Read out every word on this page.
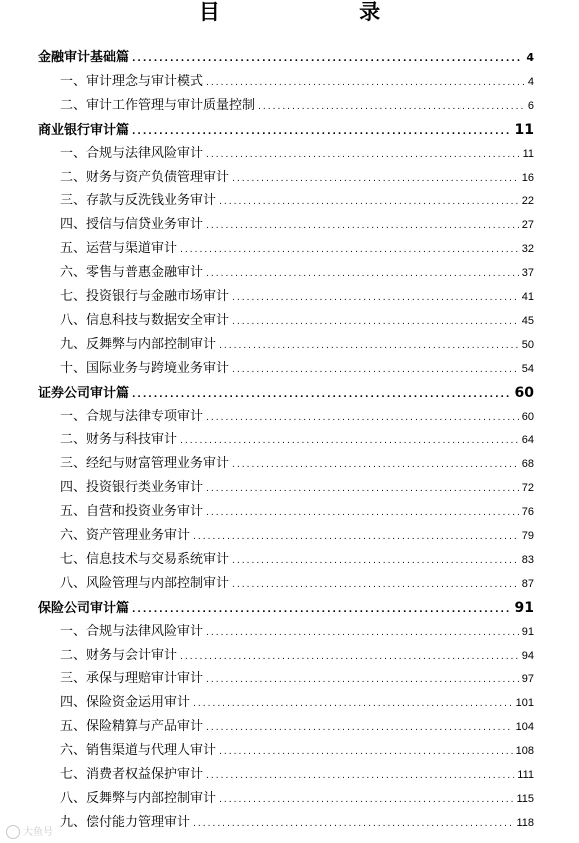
目 录
金融审计基础篇 .....	4
一、审计理念与审计模式 .....	4
二、审计工作管理与审计质量控制 .....	6
商业银行审计篇 .....	11
一、合规与法律风险审计 .....	11
二、财务与资产负债管理审计 .....	16
三、存款与反洗钱业务审计 .....	22
四、授信与信贷业务审计 .....	27
五、运营与渠道审计 .....	32
六、零售与普惠金融审计 .....	37
七、投资银行与金融市场审计 .....	41
八、信息科技与数据安全审计 .....	45
九、反舞弊与内部控制审计 .....	50
十、国际业务与跨境业务审计 .....	54
证券公司审计篇 .....	60
一、合规与法律专项审计 .....	60
二、财务与科技审计 .....	64
三、经纪与财富管理业务审计 .....	68
四、投资银行类业务审计 .....	72
五、自营和投资业务审计 .....	76
六、资产管理业务审计 .....	79
七、信息技术与交易系统审计 .....	83
八、风险管理与内部控制审计 .....	87
保险公司审计篇 .....	91
一、合规与法律风险审计 .....	91
二、财务与会计审计 .....	94
三、承保与理赔审计审计 .....	97
四、保险资金运用审计 .....	101
五、保险精算与产品审计 .....	104
六、销售渠道与代理人审计 .....	108
七、消费者权益保护审计 .....	111
八、反舞弊与内部控制审计 .....	115
九、偿付能力管理审计 .....	118
大鱼号
